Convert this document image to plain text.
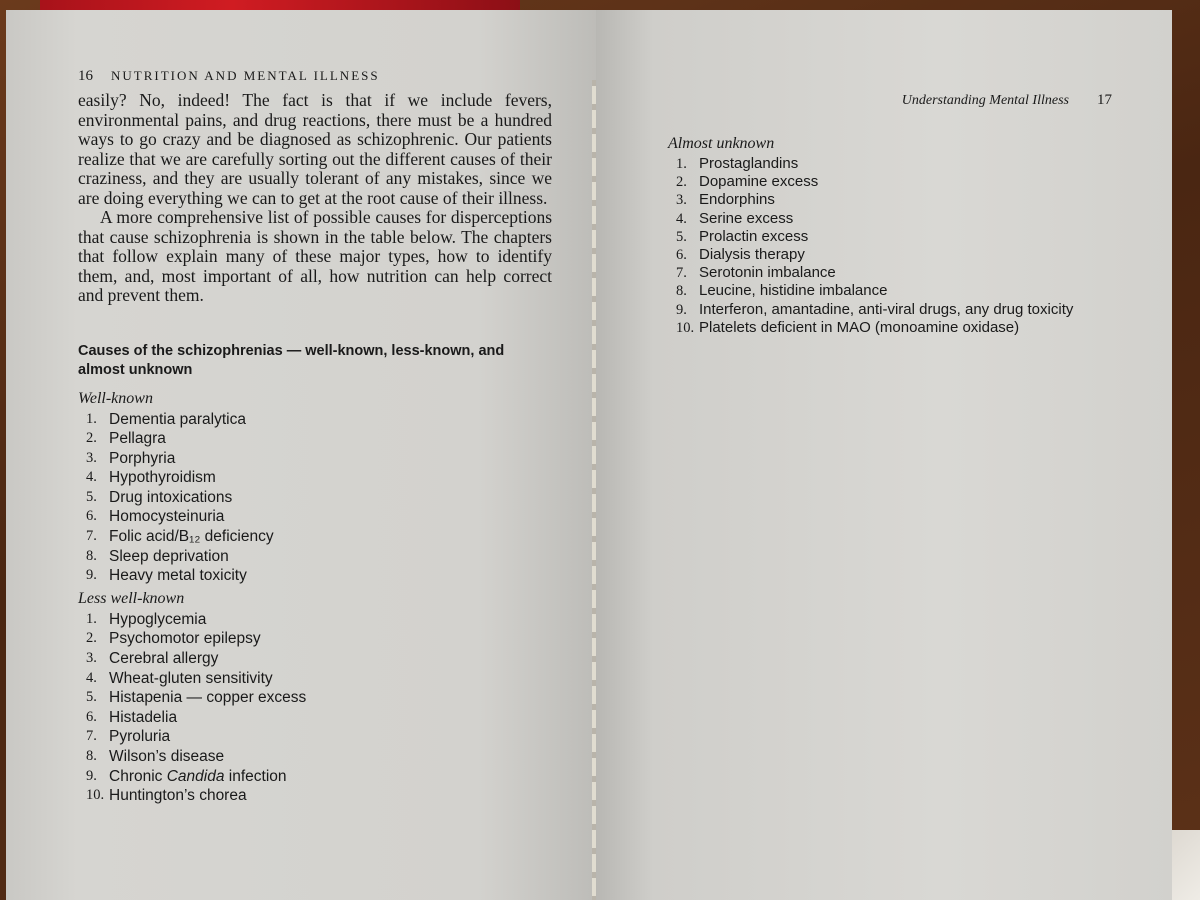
16 NUTRITION AND MENTAL ILLNESS

easily? No, indeed! The fact is that if we include fevers, environmental pains, and drug reactions, there must be a hundred ways to go crazy and be diagnosed as schizophrenic. Our patients realize that we are carefully sorting out the different causes of their craziness, and they are usually tolerant of any mistakes, since we are doing everything we can to get at the root cause of their illness.

A more comprehensive list of possible causes for disperceptions that cause schizophrenia is shown in the table below. The chapters that follow explain many of these major types, how to identify them, and, most important of all, how nutrition can help correct and prevent them.

Causes of the schizophrenias — well-known, less-known, and almost unknown
Well-known
1. Dementia paralytica
2. Pellagra
3. Porphyria
4. Hypothyroidism
5. Drug intoxications
6. Homocysteinuria
7. Folic acid/B₁₂ deficiency
8. Sleep deprivation
9. Heavy metal toxicity
Less well-known
1. Hypoglycemia
2. Psychomotor epilepsy
3. Cerebral allergy
4. Wheat-gluten sensitivity
5. Histapenia — copper excess
6. Histadelia
7. Pyroluria
8. Wilson’s disease
9. Chronic Candida infection
10. Huntington’s chorea
Understanding Mental Illness 17
Almost unknown
1. Prostaglandins
2. Dopamine excess
3. Endorphins
4. Serine excess
5. Prolactin excess
6. Dialysis therapy
7. Serotonin imbalance
8. Leucine, histidine imbalance
9. Interferon, amantadine, anti-viral drugs, any drug toxicity
10. Platelets deficient in MAO (monoamine oxidase)
